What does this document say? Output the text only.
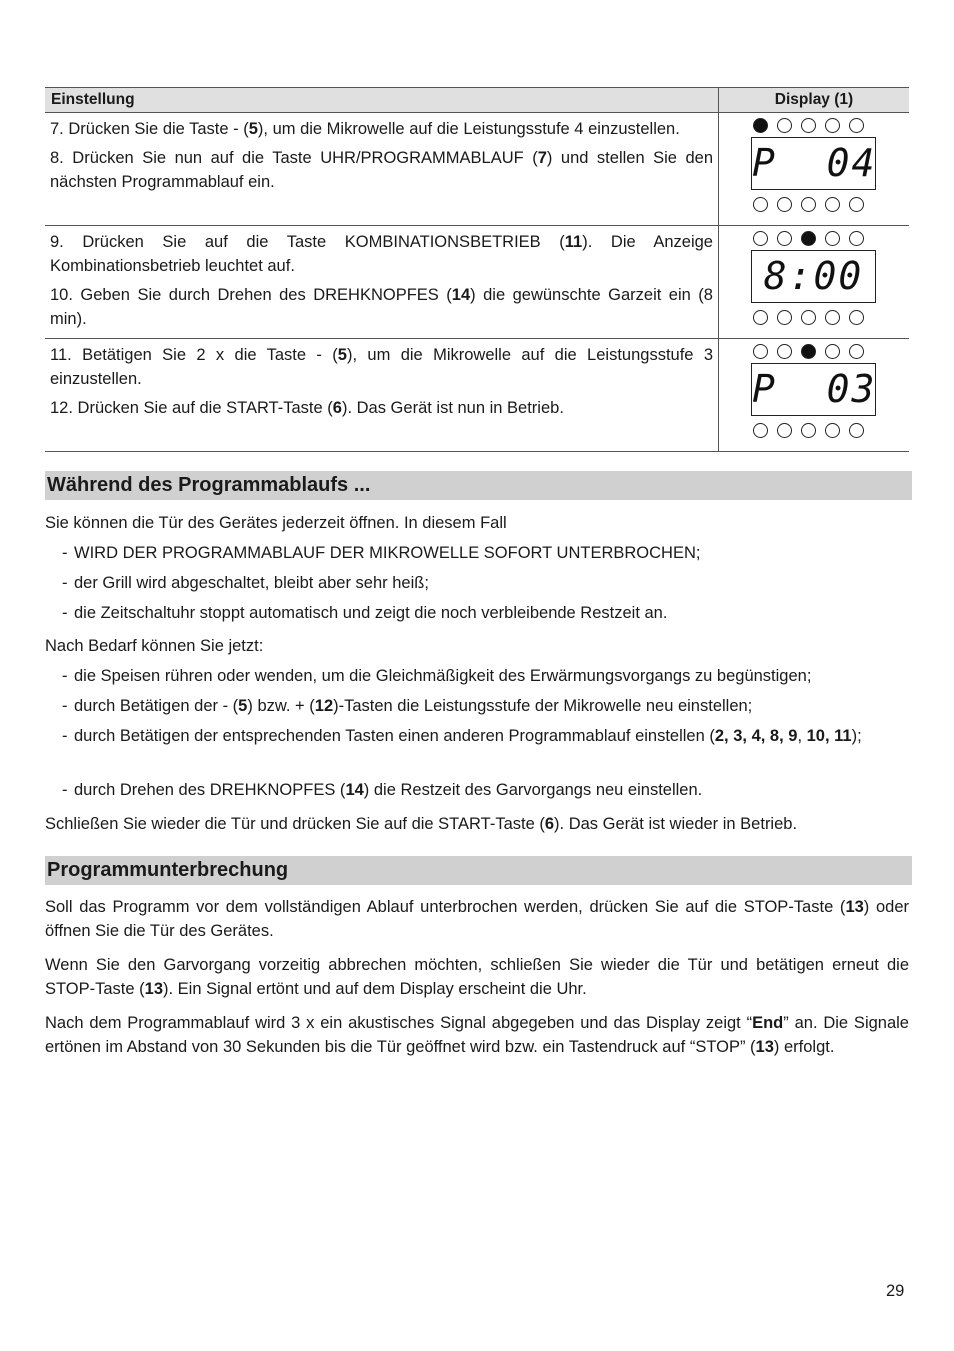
Einstellung	Display (1)

7. Drücken Sie die Taste - (5), um die Mikrowelle auf die Leistungsstufe 4 einzustellen.
8. Drücken Sie nun auf die Taste UHR/PROGRAMMABLAUF (7) und stellen Sie den nächsten Programmablauf ein.	P  04

9. Drücken Sie auf die Taste KOMBINATIONSBETRIEB (11). Die Anzeige Kombinationsbetrieb leuchtet auf.
10. Geben Sie durch Drehen des DREHKNOPFES (14) die gewünschte Garzeit ein (8 min).	8:00

11. Betätigen Sie 2 x die Taste - (5), um die Mikrowelle auf die Leistungsstufe 3 einzustellen.
12. Drücken Sie auf die START-Taste (6). Das Gerät ist nun in Betrieb.	P  03
Während des Programmablaufs ...
Sie können die Tür des Gerätes jederzeit öffnen. In diesem Fall
- WIRD DER PROGRAMMABLAUF DER MIKROWELLE SOFORT UNTERBROCHEN;
- der Grill wird abgeschaltet, bleibt aber sehr heiß;
- die Zeitschaltuhr stoppt automatisch und zeigt die noch verbleibende Restzeit an.
Nach Bedarf können Sie jetzt:
- die Speisen rühren oder wenden, um die Gleichmäßigkeit des Erwärmungsvorgangs zu begünstigen;
- durch Betätigen der - (5) bzw. + (12)-Tasten die Leistungsstufe der Mikrowelle neu einstellen;
- durch Betätigen der entsprechenden Tasten einen anderen Programmablauf einstellen (2, 3, 4, 8, 9, 10, 11);
- durch Drehen des DREHKNOPFES (14) die Restzeit des Garvorgangs neu einstellen.
Schließen Sie wieder die Tür und drücken Sie auf die START-Taste (6). Das Gerät ist wieder in Betrieb.
Programmunterbrechung
Soll das Programm vor dem vollständigen Ablauf unterbrochen werden, drücken Sie auf die STOP-Taste (13) oder öffnen Sie die Tür des Gerätes.
Wenn Sie den Garvorgang vorzeitig abbrechen möchten, schließen Sie wieder die Tür und betätigen erneut die STOP-Taste (13). Ein Signal ertönt und auf dem Display erscheint die Uhr.
Nach dem Programmablauf wird 3 x ein akustisches Signal abgegeben und das Display zeigt “End” an. Die Signale ertönen im Abstand von 30 Sekunden bis die Tür geöffnet wird bzw. ein Tastendruck auf “STOP” (13) erfolgt.
29
